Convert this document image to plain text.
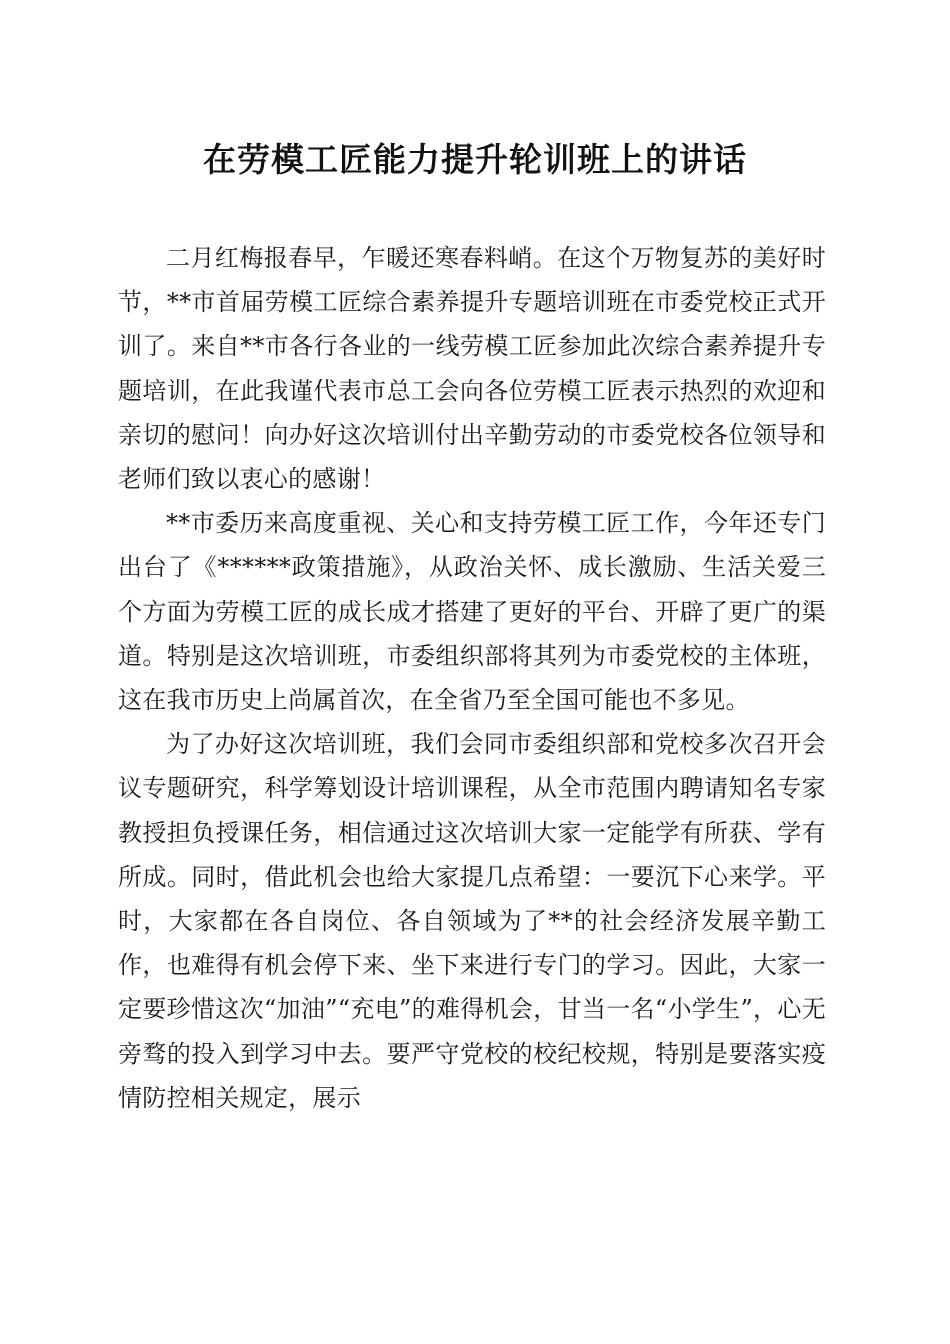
在劳模工匠能力提升轮训班上的讲话

二月红梅报春早，乍暖还寒春料峭。在这个万物复苏的美好时节，**市首届劳模工匠综合素养提升专题培训班在市委党校正式开训了。来自**市各行各业的一线劳模工匠参加此次综合素养提升专题培训，在此我谨代表市总工会向各位劳模工匠表示热烈的欢迎和亲切的慰问！向办好这次培训付出辛勤劳动的市委党校各位领导和老师们致以衷心的感谢！

**市委历来高度重视、关心和支持劳模工匠工作，今年还专门出台了《******政策措施》，从政治关怀、成长激励、生活关爱三个方面为劳模工匠的成长成才搭建了更好的平台、开辟了更广的渠道。特别是这次培训班，市委组织部将其列为市委党校的主体班，这在我市历史上尚属首次，在全省乃至全国可能也不多见。

为了办好这次培训班，我们会同市委组织部和党校多次召开会议专题研究，科学筹划设计培训课程，从全市范围内聘请知名专家教授担负授课任务，相信通过这次培训大家一定能学有所获、学有所成。同时，借此机会也给大家提几点希望：一要沉下心来学。平时，大家都在各自岗位、各自领域为了**的社会经济发展辛勤工作，也难得有机会停下来、坐下来进行专门的学习。因此，大家一定要珍惜这次“加油”“充电”的难得机会，甘当一名“小学生”，心无旁骛的投入到学习中去。要严守党校的校纪校规，特别是要落实疫情防控相关规定，展示
